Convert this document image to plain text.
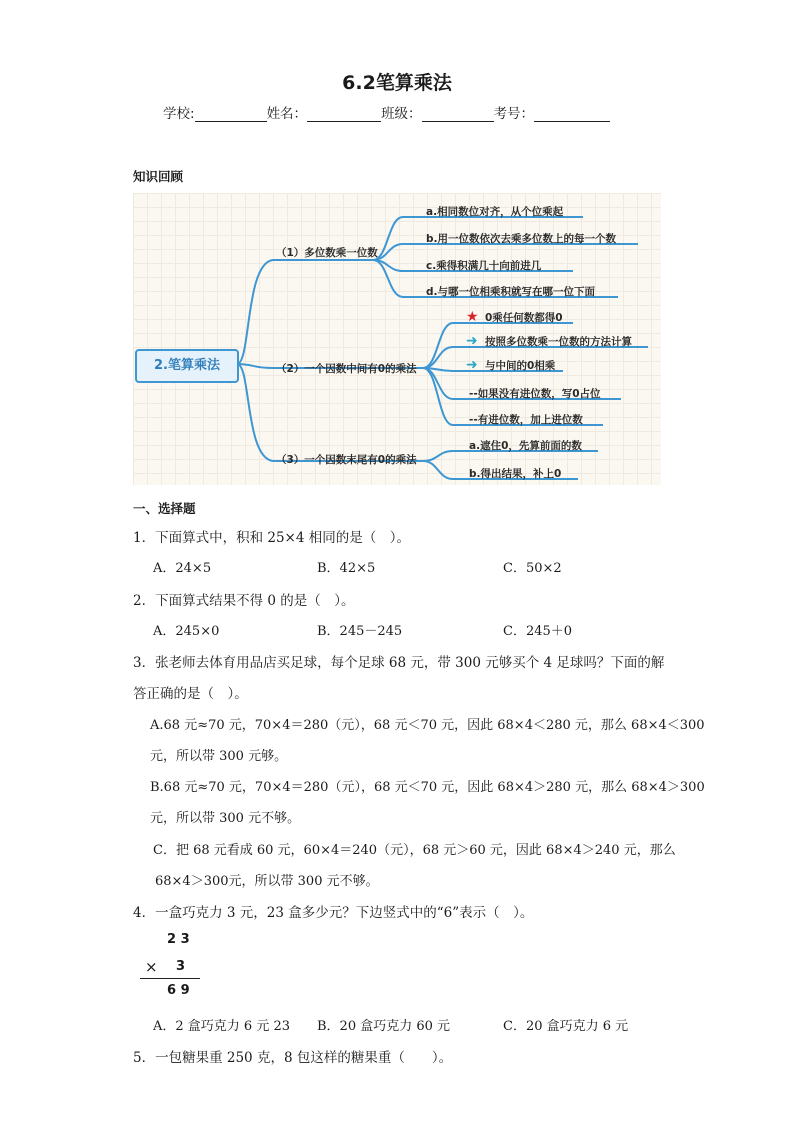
6.2笔算乘法
学校:	姓名：	班级：	考号：
知识回顾
2.笔算乘法
（1）多位数乘一位数
a.相同数位对齐，从个位乘起
b.用一位数依次去乘多位数上的每一个数
c.乘得积满几十向前进几
d.与哪一位相乘积就写在哪一位下面
（2）一个因数中间有0的乘法
★ 0乘任何数都得0
➜ 按照多位数乘一位数的方法计算
➜ 与中间的0相乘
--如果没有进位数，写0占位
--有进位数，加上进位数
（3）一个因数末尾有0的乘法
a.遮住0，先算前面的数
b.得出结果，补上0
一、选择题
1．下面算式中，积和 25×4 相同的是（　）。
A．24×5	B．42×5	C．50×2
2．下面算式结果不得 0 的是（　）。
A．245×0	B．245－245	C．245＋0
3．张老师去体育用品店买足球，每个足球 68 元，带 300 元够买个 4 足球吗？下面的解
答正确的是（　）。
A.68 元≈70 元，70×4＝280（元），68 元＜70 元，因此 68×4＜280 元，那么 68×4＜300
元，所以带 300 元够。
B.68 元≈70 元，70×4＝280（元），68 元＜70 元，因此 68×4＞280 元，那么 68×4＞300
元，所以带 300 元不够。
C．把 68 元看成 60 元，60×4＝240（元），68 元＞60 元，因此 68×4＞240 元，那么
68×4＞300元，所以带 300 元不够。
4．一盒巧克力 3 元，23 盒多少元？下边竖式中的“6”表示（　）。
2 3
× 3
6 9
A．2 盒巧克力 6 元 23 B．20 盒巧克力 60 元	C．20 盒巧克力 6 元
5．一包糖果重 250 克，8 包这样的糖果重（　　）。
